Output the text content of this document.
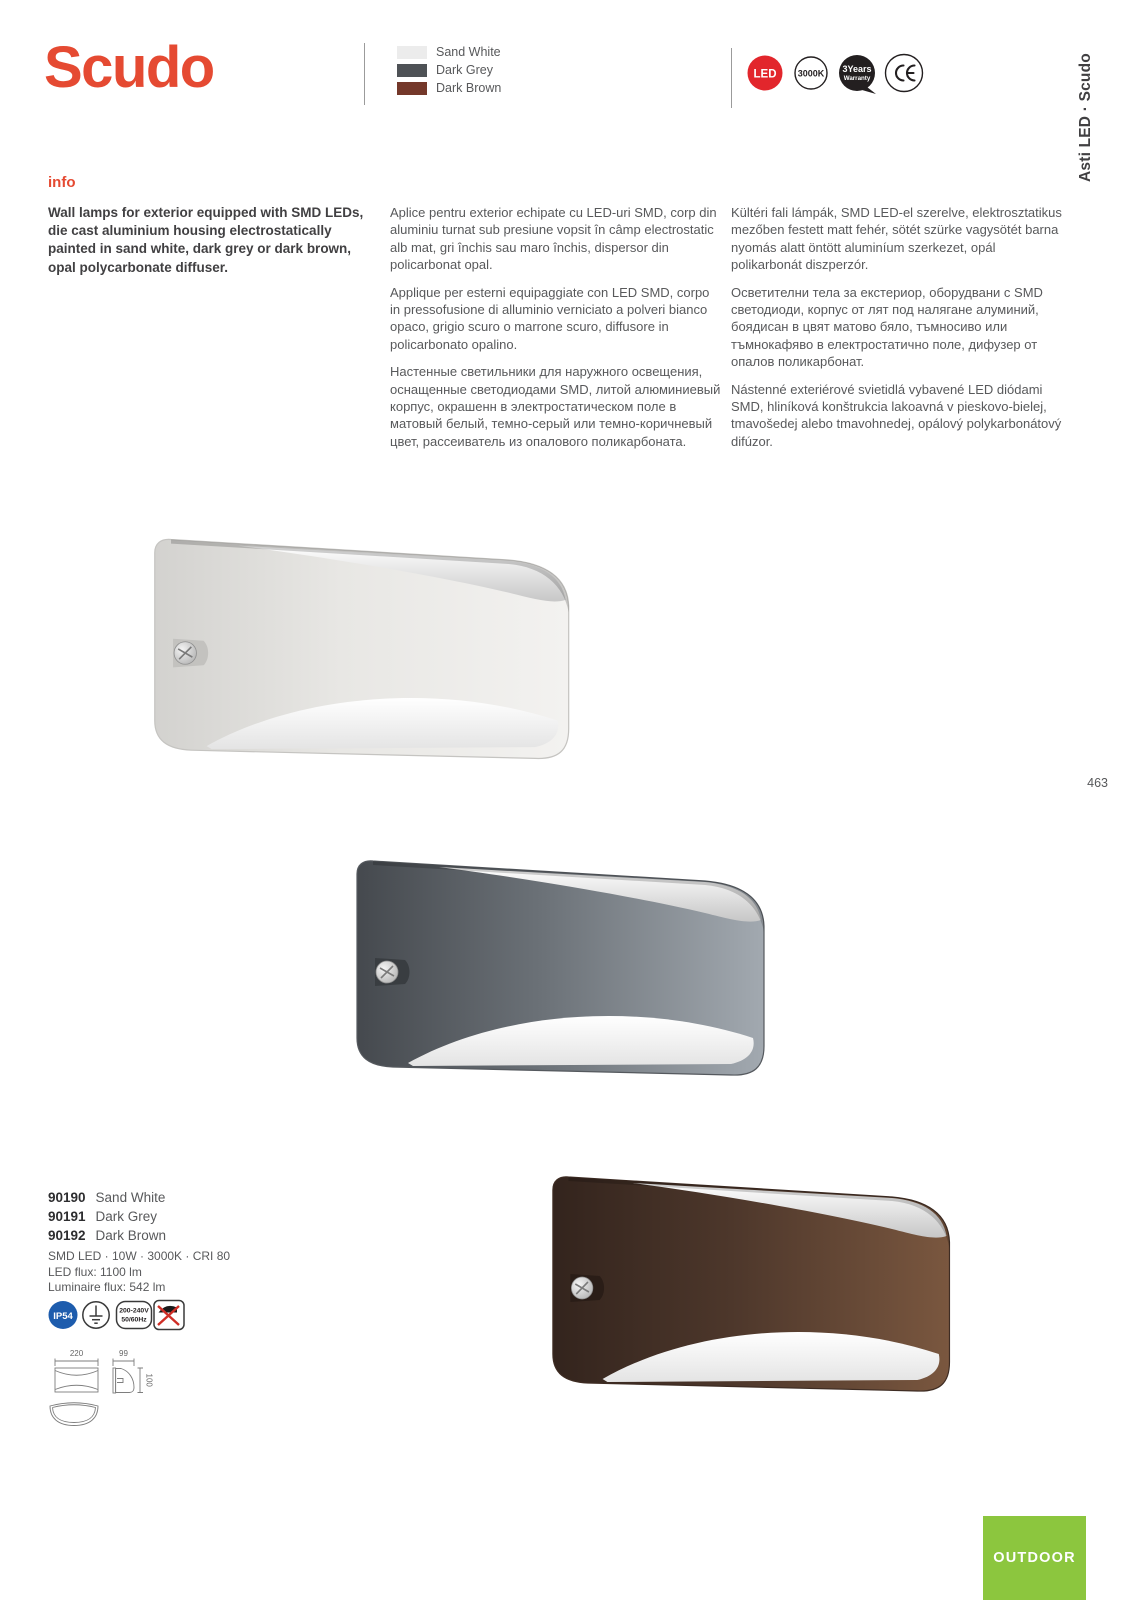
Scudo	Sand White
Dark Grey
Dark Brown
LED 3000K 3Years
Warranty	Asti LED · Scudo
info
Wall lamps for exterior equipped with SMD LEDs, die cast aluminium housing electrostatically painted in sand white, dark grey or dark brown, opal polycarbonate diffuser.

Aplice pentru exterior echipate cu LED-uri SMD, corp din aluminiu turnat sub presiune vopsit în câmp electrostatic alb mat, gri închis sau maro închis, dispersor din policarbonat opal.

Applique per esterni equipaggiate con LED SMD, corpo in pressofusione di alluminio verniciato a polveri bianco opaco, grigio scuro o marrone scuro, diffusore in policarbonato opalino.

Настенные светильники для наружного освещения, оснащенные светодиодами SMD, литой алюминиевый корпус, окрашенн в электростатическом поле в матовый белый, темно-серый или темно-коричневый цвет, рассеиватель из опалового поликарбоната.

Kültéri fali lámpák, SMD LED-el szerelve, elektrosztatikus mezőben festett matt fehér, sötét szürke vagysötét barna nyomás alatt öntött aluminíum szerkezet, opál polikarbonát diszperzór.

Осветителни тела за екстериор, оборудвани с SMD светодиоди, корпус от лят под налягане алуминий, боядисан в цвят матово бяло, тъмносиво или тъмнокафяво в електростатично поле, дифузер от опалов поликарбонат.

Nástenné exteriérové svietidlá vybavené LED diódami SMD, hliníková konštrukcia lakoavná v pieskovo-bielej, tmavošedej alebo tmavohnedej, opálový polykarbonátový difúzor.

463
90190 Sand White
90191 Dark Grey
90192 Dark Brown
SMD LED · 10W · 3000K · CRI 80
LED flux: 1100 lm
Luminaire flux: 542 lm
IP54	200-240V
50/60Hz
220	99
100
OUTDOOR
